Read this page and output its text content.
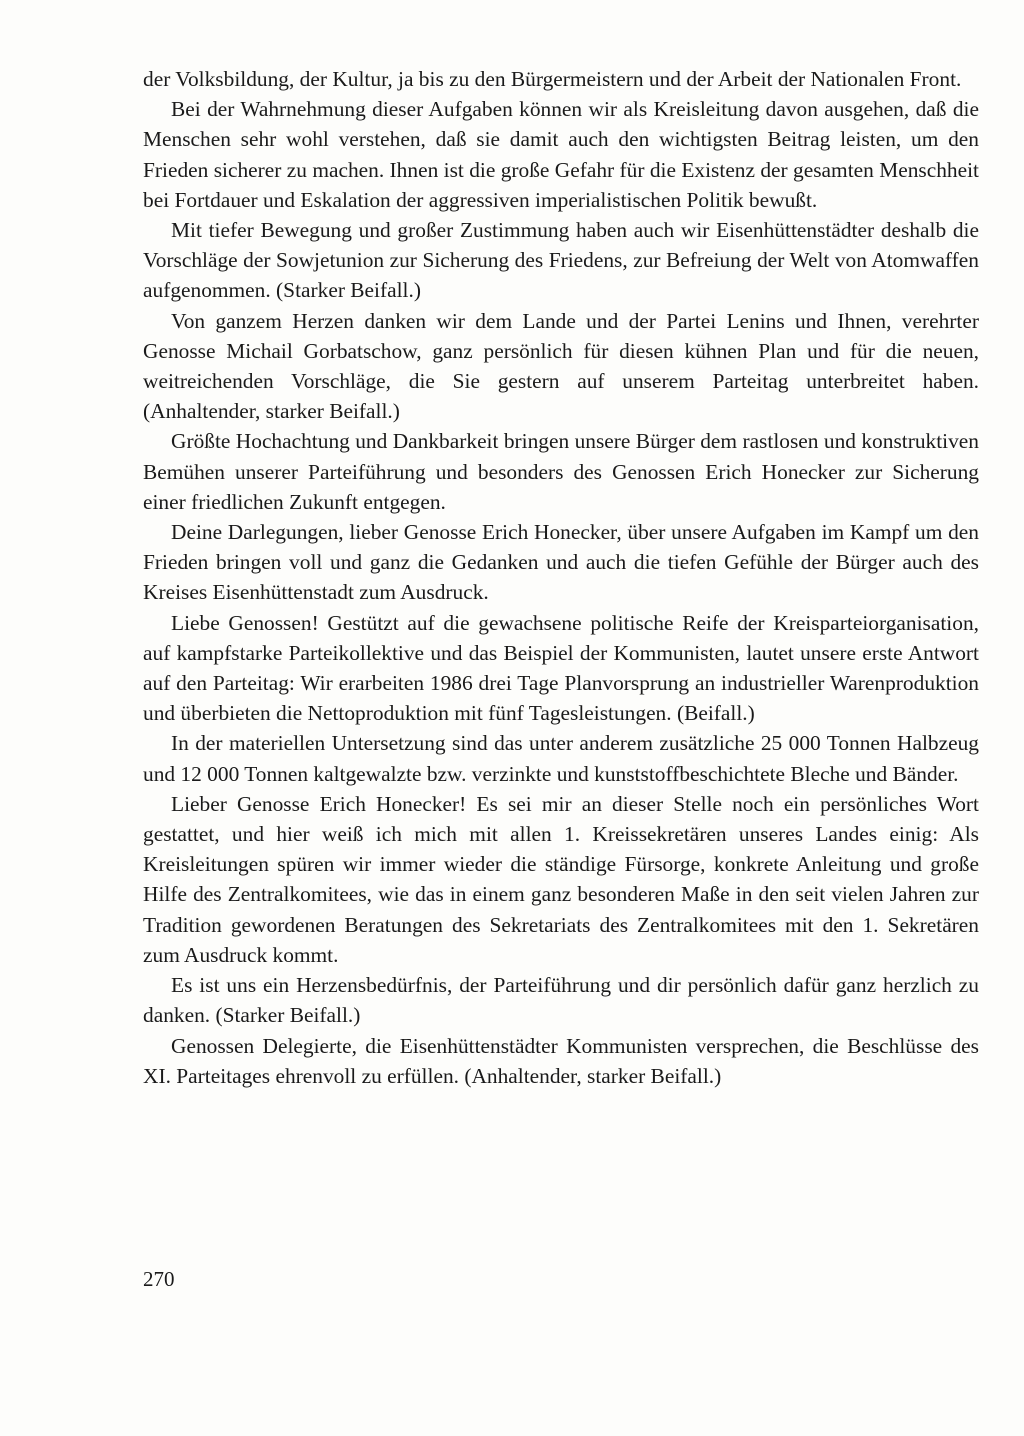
der Volksbildung, der Kultur, ja bis zu den Bürgermeistern und der Arbeit der Nationalen Front.

Bei der Wahrnehmung dieser Aufgaben können wir als Kreisleitung davon ausgehen, daß die Menschen sehr wohl verstehen, daß sie damit auch den wichtigsten Beitrag leisten, um den Frieden sicherer zu machen. Ihnen ist die große Gefahr für die Existenz der gesamten Menschheit bei Fortdauer und Eskalation der aggressiven imperialistischen Politik bewußt.

Mit tiefer Bewegung und großer Zustimmung haben auch wir Eisenhüttenstädter deshalb die Vorschläge der Sowjetunion zur Sicherung des Friedens, zur Befreiung der Welt von Atomwaffen aufgenommen. (Starker Beifall.)

Von ganzem Herzen danken wir dem Lande und der Partei Lenins und Ihnen, verehrter Genosse Michail Gorbatschow, ganz persönlich für diesen kühnen Plan und für die neuen, weitreichenden Vorschläge, die Sie gestern auf unserem Parteitag unterbreitet haben. (Anhaltender, starker Beifall.)

Größte Hochachtung und Dankbarkeit bringen unsere Bürger dem rastlosen und konstruktiven Bemühen unserer Parteiführung und besonders des Genossen Erich Honecker zur Sicherung einer friedlichen Zukunft entgegen.

Deine Darlegungen, lieber Genosse Erich Honecker, über unsere Aufgaben im Kampf um den Frieden bringen voll und ganz die Gedanken und auch die tiefen Gefühle der Bürger auch des Kreises Eisenhüttenstadt zum Ausdruck.

Liebe Genossen! Gestützt auf die gewachsene politische Reife der Kreisparteiorganisation, auf kampfstarke Parteikollektive und das Beispiel der Kommunisten, lautet unsere erste Antwort auf den Parteitag: Wir erarbeiten 1986 drei Tage Planvorsprung an industrieller Warenproduktion und überbieten die Nettoproduktion mit fünf Tagesleistungen. (Beifall.)

In der materiellen Untersetzung sind das unter anderem zusätzliche 25 000 Tonnen Halbzeug und 12 000 Tonnen kaltgewalzte bzw. verzinkte und kunststoffbeschichtete Bleche und Bänder.

Lieber Genosse Erich Honecker! Es sei mir an dieser Stelle noch ein persönliches Wort gestattet, und hier weiß ich mich mit allen 1. Kreissekretären unseres Landes einig: Als Kreisleitungen spüren wir immer wieder die ständige Fürsorge, konkrete Anleitung und große Hilfe des Zentralkomitees, wie das in einem ganz besonderen Maße in den seit vielen Jahren zur Tradition gewordenen Beratungen des Sekretariats des Zentralkomitees mit den 1. Sekretären zum Ausdruck kommt.

Es ist uns ein Herzensbedürfnis, der Parteiführung und dir persönlich dafür ganz herzlich zu danken. (Starker Beifall.)

Genossen Delegierte, die Eisenhüttenstädter Kommunisten versprechen, die Beschlüsse des XI. Parteitages ehrenvoll zu erfüllen. (Anhaltender, starker Beifall.)

270
